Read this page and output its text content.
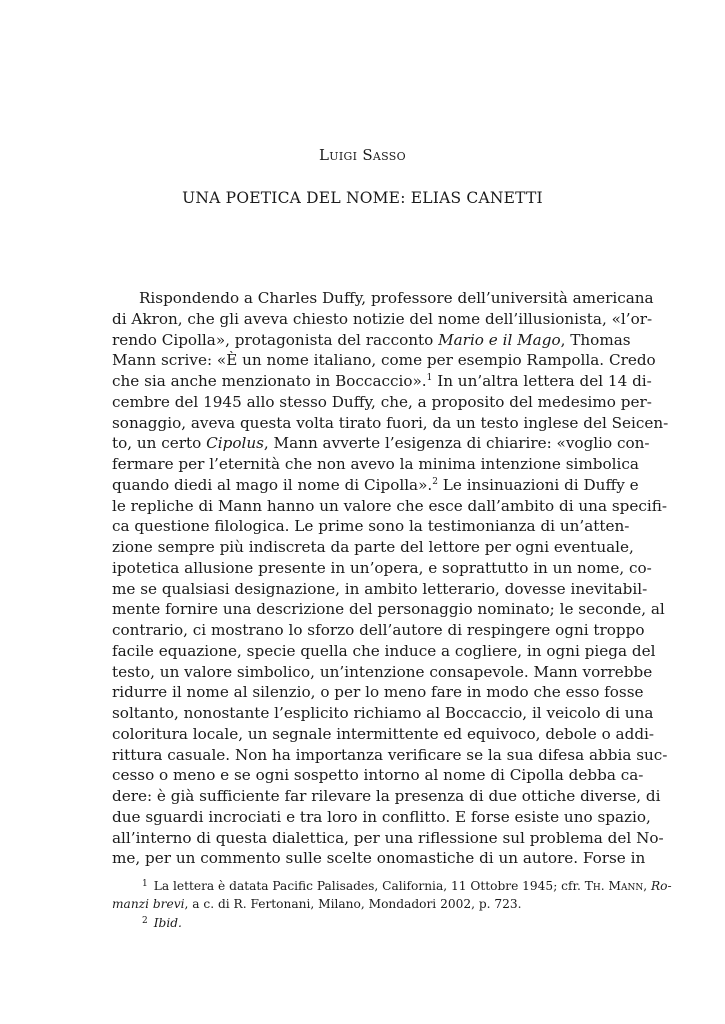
Luigi Sasso
UNA POETICA DEL NOME: ELIAS CANETTI
Rispondendo a Charles Duffy, professore dell’università americana
di Akron, che gli aveva chiesto notizie del nome dell’illusionista, «l’or-
rendo Cipolla», protagonista del racconto Mario e il Mago, Thomas
Mann scrive: «È un nome italiano, come per esempio Rampolla. Credo
che sia anche menzionato in Boccaccio».$^1$ In un’altra lettera del 14 di-
cembre del 1945 allo stesso Duffy, che, a proposito del medesimo per-
sonaggio, aveva questa volta tirato fuori, da un testo inglese del Seicen-
to, un certo Cipolus, Mann avverte l’esigenza di chiarire: «voglio con-
fermare per l’eternità che non avevo la minima intenzione simbolica
quando diedi al mago il nome di Cipolla».$^2$ Le insinuazioni di Duffy e
le repliche di Mann hanno un valore che esce dall’ambito di una specifi-
ca questione filologica. Le prime sono la testimonianza di un’atten-
zione sempre più indiscreta da parte del lettore per ogni eventuale,
ipotetica allusione presente in un’opera, e soprattutto in un nome, co-
me se qualsiasi designazione, in ambito letterario, dovesse inevitabil-
mente fornire una descrizione del personaggio nominato; le seconde, al
contrario, ci mostrano lo sforzo dell’autore di respingere ogni troppo
facile equazione, specie quella che induce a cogliere, in ogni piega del
testo, un valore simbolico, un’intenzione consapevole. Mann vorrebbe
ridurre il nome al silenzio, o per lo meno fare in modo che esso fosse
soltanto, nonostante l’esplicito richiamo al Boccaccio, il veicolo di una
coloritura locale, un segnale intermittente ed equivoco, debole o addi-
rittura casuale. Non ha importanza verificare se la sua difesa abbia suc-
cesso o meno e se ogni sospetto intorno al nome di Cipolla debba ca-
dere: è già sufficiente far rilevare la presenza di due ottiche diverse, di
due sguardi incrociati e tra loro in conflitto. E forse esiste uno spazio,
all’interno di questa dialettica, per una riflessione sul problema del No-
me, per un commento sulle scelte onomastiche di un autore. Forse in
$^1$ La lettera è datata Pacific Palisades, California, 11 Ottobre 1945; cfr. Th. Mann, Ro-
manzi brevi, a c. di R. Fertonani, Milano, Mondadori 2002, p. 723.
$^2$ Ibid.
